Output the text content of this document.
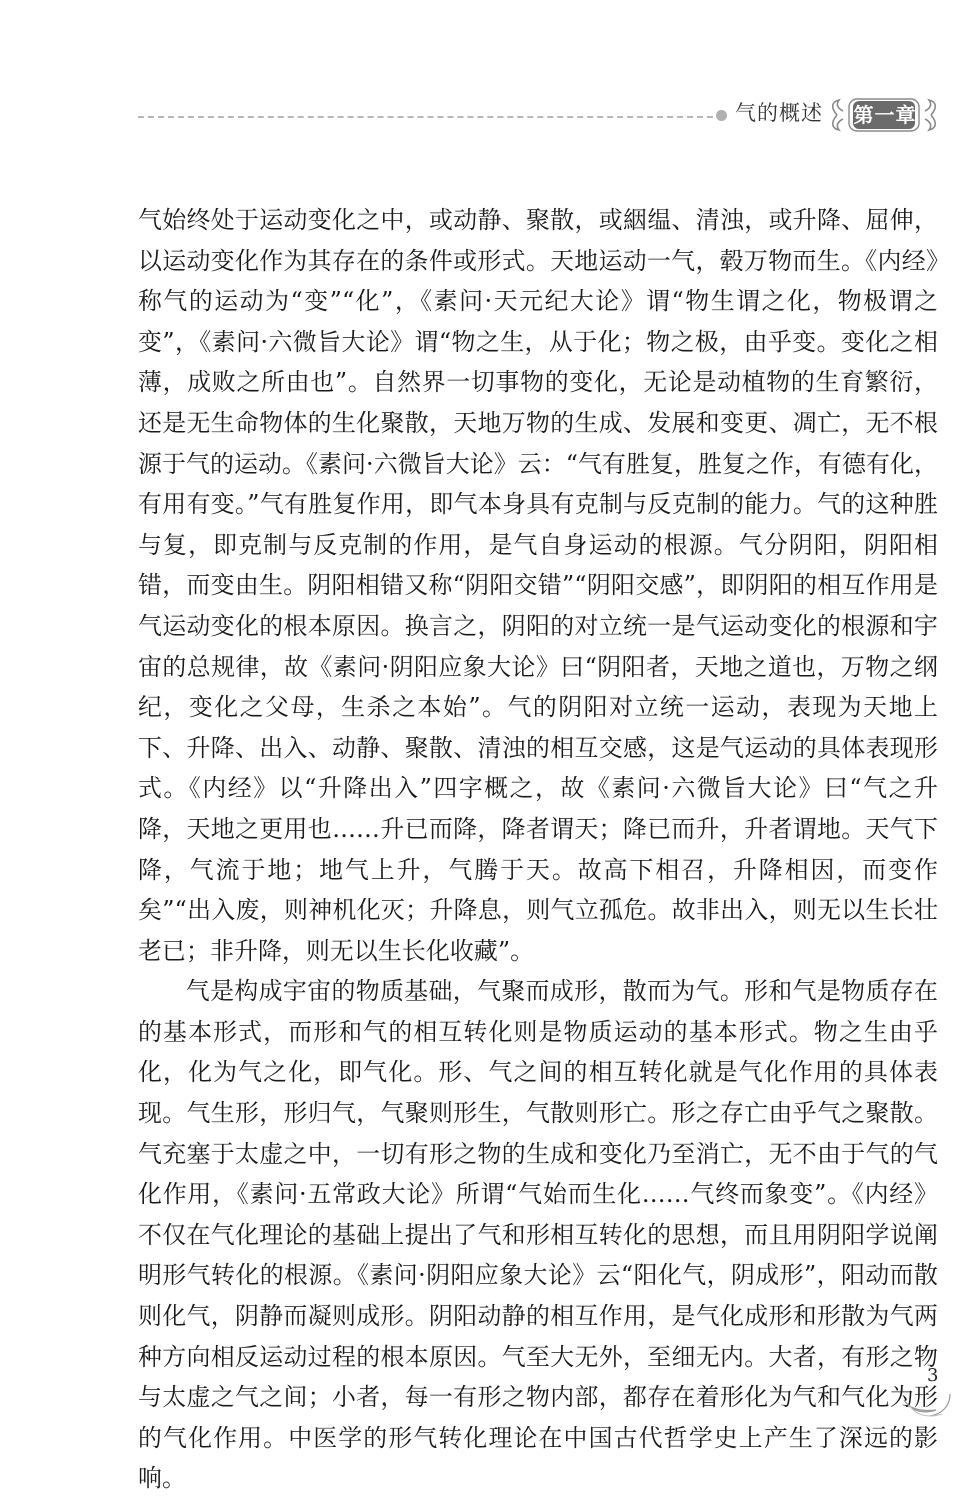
气的概述 第一章

气始终处于运动变化之中，或动静、聚散，或絪缊、清浊，或升降、屈伸，以运动变化作为其存在的条件或形式。天地运动一气，毂万物而生。《内经》称气的运动为“变”“化”，《素问·天元纪大论》谓“物生谓之化，物极谓之变”，《素问·六微旨大论》谓“物之生，从于化；物之极，由乎变。变化之相薄，成败之所由也”。自然界一切事物的变化，无论是动植物的生育繁衍，还是无生命物体的生化聚散，天地万物的生成、发展和变更、凋亡，无不根源于气的运动。《素问·六微旨大论》云：“气有胜复，胜复之作，有德有化，有用有变。”气有胜复作用，即气本身具有克制与反克制的能力。气的这种胜与复，即克制与反克制的作用，是气自身运动的根源。气分阴阳，阴阳相错，而变由生。阴阳相错又称“阴阳交错”“阴阳交感”，即阴阳的相互作用是气运动变化的根本原因。换言之，阴阳的对立统一是气运动变化的根源和宇宙的总规律，故《素问·阴阳应象大论》曰“阴阳者，天地之道也，万物之纲纪，变化之父母，生杀之本始”。气的阴阳对立统一运动，表现为天地上下、升降、出入、动静、聚散、清浊的相互交感，这是气运动的具体表现形式。《内经》以“升降出入”四字概之，故《素问·六微旨大论》曰“气之升降，天地之更用也……升已而降，降者谓天；降已而升，升者谓地。天气下降，气流于地；地气上升，气腾于天。故高下相召，升降相因，而变作矣”“出入废，则神机化灭；升降息，则气立孤危。故非出入，则无以生长壮老已；非升降，则无以生长化收藏”。

气是构成宇宙的物质基础，气聚而成形，散而为气。形和气是物质存在的基本形式，而形和气的相互转化则是物质运动的基本形式。物之生由乎化，化为气之化，即气化。形、气之间的相互转化就是气化作用的具体表现。气生形，形归气，气聚则形生，气散则形亡。形之存亡由乎气之聚散。气充塞于太虚之中，一切有形之物的生成和变化乃至消亡，无不由于气的气化作用，《素问·五常政大论》所谓“气始而生化……气终而象变”。《内经》不仅在气化理论的基础上提出了气和形相互转化的思想，而且用阴阳学说阐明形气转化的根源。《素问·阴阳应象大论》云“阳化气，阴成形”，阳动而散则化气，阴静而凝则成形。阴阳动静的相互作用，是气化成形和形散为气两种方向相反运动过程的根本原因。气至大无外，至细无内。大者，有形之物与太虚之气之间；小者，每一有形之物内部，都存在着形化为气和气化为形的气化作用。中医学的形气转化理论在中国古代哲学史上产生了深远的影响。

3
